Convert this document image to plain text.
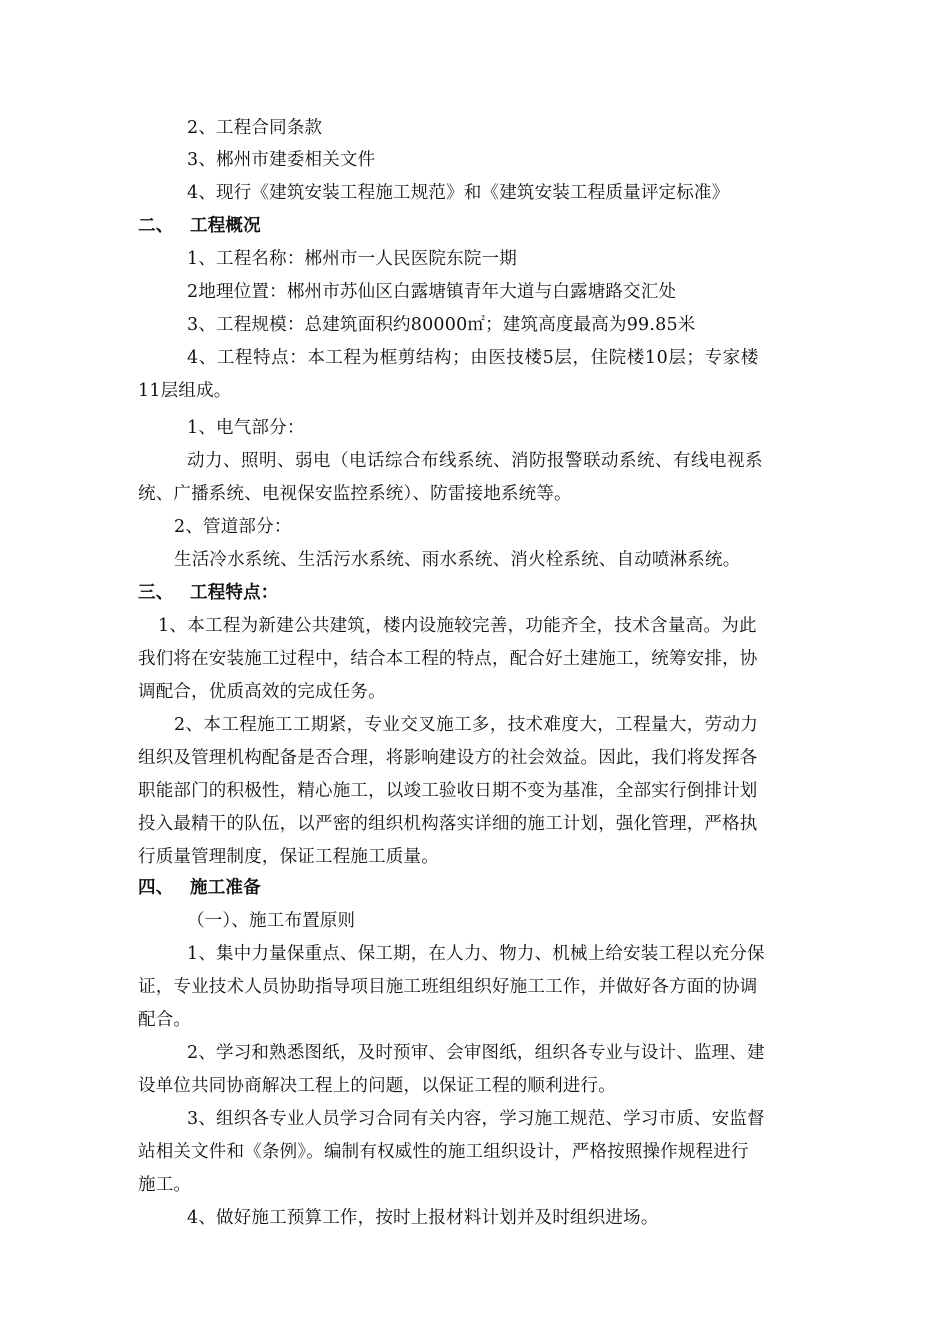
2、工程合同条款
3、郴州市建委相关文件
4、现行《建筑安装工程施工规范》和《建筑安装工程质量评定标准》
二、 工程概况
1、工程名称：郴州市一人民医院东院一期
2地理位置：郴州市苏仙区白露塘镇青年大道与白露塘路交汇处
3、工程规模：总建筑面积约80000㎡；建筑高度最高为99.85米
4、工程特点：本工程为框剪结构；由医技楼5层，住院楼10层；专家楼
11层组成。
1、电气部分：
动力、照明、弱电（电话综合布线系统、消防报警联动系统、有线电视系
统、广播系统、电视保安监控系统）、防雷接地系统等。
2、管道部分：
生活冷水系统、生活污水系统、雨水系统、消火栓系统、自动喷淋系统。
三、 工程特点：
1、本工程为新建公共建筑，楼内设施较完善，功能齐全，技术含量高。为此
我们将在安装施工过程中，结合本工程的特点，配合好土建施工，统筹安排，协
调配合，优质高效的完成任务。
2、本工程施工工期紧，专业交叉施工多，技术难度大，工程量大，劳动力
组织及管理机构配备是否合理，将影响建设方的社会效益。因此，我们将发挥各
职能部门的积极性，精心施工，以竣工验收日期不变为基准，全部实行倒排计划
投入最精干的队伍，以严密的组织机构落实详细的施工计划，强化管理，严格执
行质量管理制度，保证工程施工质量。
四、 施工准备
（一）、施工布置原则
1、集中力量保重点、保工期，在人力、物力、机械上给安装工程以充分保
证，专业技术人员协助指导项目施工班组组织好施工工作，并做好各方面的协调
配合。
2、学习和熟悉图纸，及时预审、会审图纸，组织各专业与设计、监理、建
设单位共同协商解决工程上的问题，以保证工程的顺利进行。
3、组织各专业人员学习合同有关内容，学习施工规范、学习市质、安监督
站相关文件和《条例》。编制有权威性的施工组织设计，严格按照操作规程进行
施工。
4、做好施工预算工作，按时上报材料计划并及时组织进场。
